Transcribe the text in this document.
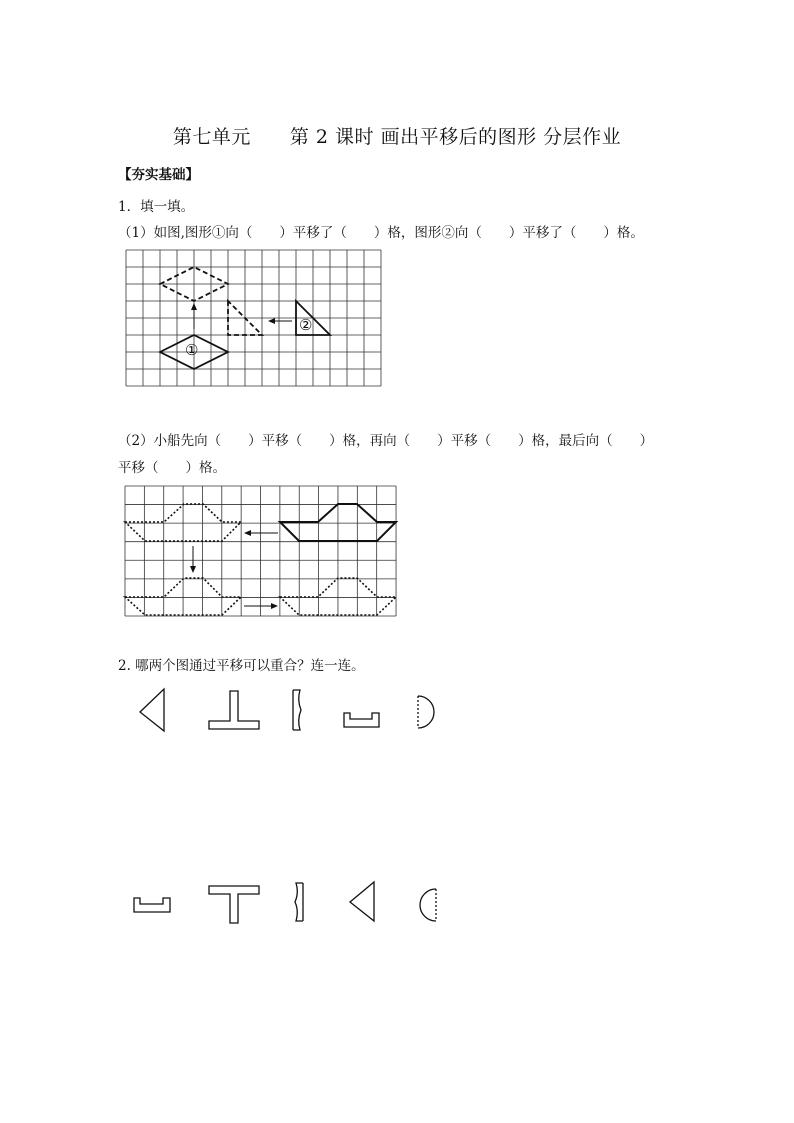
第七单元　　第 2 课时 画出平移后的图形 分层作业
【夯实基础】
1．填一填。
（1）如图,图形①向（　　）平移了（　　）格，图形②向（　　）平移了（　　）格。
（2）小船先向（　　）平移（　　）格，再向（　　）平移（　　）格，最后向（　　）
平移（　　）格。
2. 哪两个图通过平移可以重合？连一连。
①
②
